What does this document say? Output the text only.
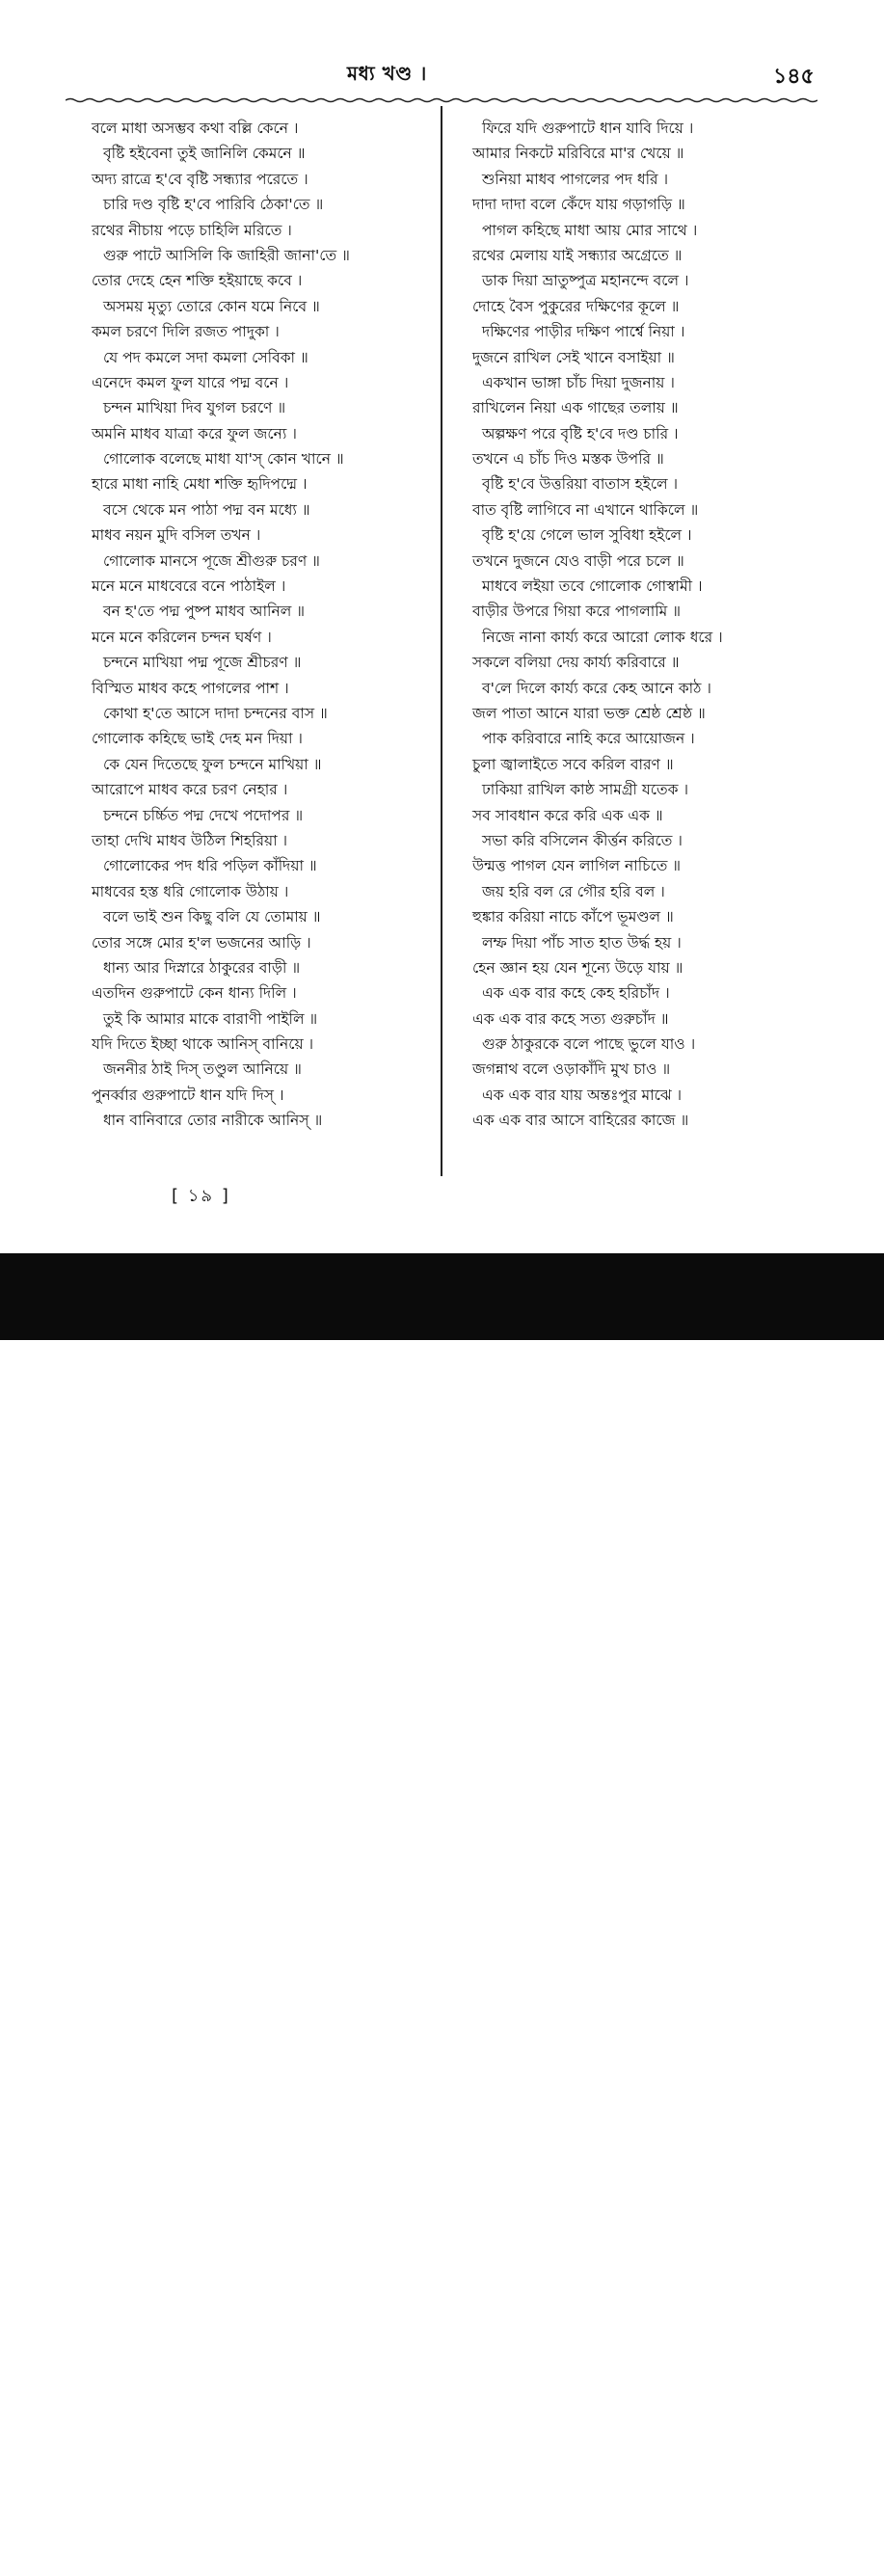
মধ্য খণ্ড ।	১৪৫
বলে মাধা অসম্ভব কথা বল্লি কেনে ।
বৃষ্টি হইবেনা তুই জানিলি কেমনে ॥
অদ্য রাত্রে হ'বে বৃষ্টি সন্ধ্যার পরেতে ।
চারি দণ্ড বৃষ্টি হ'বে পারিবি ঠেকা'তে ॥
রথের নীচায় পড়ে চাহিলি মরিতে ।
গুরু পাটে আসিলি কি জাহিরী জানা'তে ॥
তোর দেহে হেন শক্তি হইয়াছে কবে ।
অসময় মৃত্যু তোরে কোন যমে নিবে ॥
কমল চরণে দিলি রজত পাদুকা ।
যে পদ কমলে সদা কমলা সেবিকা ॥
এনেদে কমল ফুল যারে পদ্ম বনে ।
চন্দন মাখিয়া দিব যুগল চরণে ॥
অমনি মাধব যাত্রা করে ফুল জন্যে ।
গোলোক বলেছে মাধা যা'স্ কোন খানে ॥
হারে মাধা নাহি মেধা শক্তি হৃদিপদ্মে ।
বসে থেকে মন পাঠা পদ্ম বন মধ্যে ॥
মাধব নয়ন মুদি বসিল তখন ।
গোলোক মানসে পূজে শ্রীগুরু চরণ ॥
মনে মনে মাধবেরে বনে পাঠাইল ।
বন হ'তে পদ্ম পুষ্প মাধব আনিল ॥
মনে মনে করিলেন চন্দন ঘর্ষণ ।
চন্দনে মাখিয়া পদ্ম পূজে শ্রীচরণ ॥
বিস্মিত মাধব কহে পাগলের পাশ ।
কোথা হ'তে আসে দাদা চন্দনের বাস ॥
গোলোক কহিছে ভাই দেহ মন দিয়া ।
কে যেন দিতেছে ফুল চন্দনে মাখিয়া ॥
আরোপে মাধব করে চরণ নেহার ।
চন্দনে চর্চ্চিত পদ্ম দেখে পদোপর ॥
তাহা দেখি মাধব উঠিল শিহরিয়া ।
গোলোকের পদ ধরি পড়িল কাঁদিয়া ॥
মাধবের হস্ত ধরি গোলোক উঠায় ।
বলে ভাই শুন কিছু বলি যে তোমায় ॥
তোর সঙ্গে মোর হ'ল ভজনের আড়ি ।
ধান্য আর দিস্নারে ঠাকুরের বাড়ী ॥
এতদিন গুরুপাটে কেন ধান্য দিলি ।
তুই কি আমার মাকে বারাণী পাইলি ॥
যদি দিতে ইচ্ছা থাকে আনিস্ বানিয়ে ।
জননীর ঠাই দিস্ তণ্ডুল আনিয়ে ॥
পুনর্ব্বার গুরুপাটে ধান যদি দিস্ ।
ধান বানিবারে তোর নারীকে আনিস্ ॥
ফিরে যদি গুরুপাটে ধান যাবি দিয়ে ।
আমার নিকটে মরিবিরে মা'র খেয়ে ॥
শুনিয়া মাধব পাগলের পদ ধরি ।
দাদা দাদা বলে কেঁদে যায় গড়াগড়ি ॥
পাগল কহিছে মাধা আয় মোর সাথে ।
রথের মেলায় যাই সন্ধ্যার অগ্রেতে ॥
ডাক দিয়া ভ্রাতুষ্পুত্র মহানন্দে বলে ।
দোহে বৈস পুকুরের দক্ষিণের কূলে ॥
দক্ষিণের পাড়ীর দক্ষিণ পার্শ্বে নিয়া ।
দুজনে রাখিল সেই খানে বসাইয়া ॥
একখান ভাঙ্গা চাঁচ দিয়া দুজনায় ।
রাখিলেন নিয়া এক গাছের তলায় ॥
অল্পক্ষণ পরে বৃষ্টি হ'বে দণ্ড চারি ।
তখনে এ চাঁচ দিও মস্তক উপরি ॥
বৃষ্টি হ'বে উত্তরিয়া বাতাস হইলে ।
বাত বৃষ্টি লাগিবে না এখানে থাকিলে ॥
বৃষ্টি হ'য়ে গেলে ভাল সুবিধা হইলে ।
তখনে দুজনে যেও বাড়ী পরে চলে ॥
মাধবে লইয়া তবে গোলোক গোস্বামী ।
বাড়ীর উপরে গিয়া করে পাগলামি ॥
নিজে নানা কার্য্য করে আরো লোক ধরে ।
সকলে বলিয়া দেয় কার্য্য করিবারে ॥
ব'লে দিলে কার্য্য করে কেহ আনে কাঠ ।
জল পাতা আনে যারা ভক্ত শ্রেষ্ঠ শ্রেষ্ঠ ॥
পাক করিবারে নাহি করে আয়োজন ।
চুলা জ্বালাইতে সবে করিল বারণ ॥
ঢাকিয়া রাখিল কাষ্ঠ সামগ্রী যতেক ।
সব সাবধান করে করি এক এক ॥
সভা করি বসিলেন কীর্ত্তন করিতে ।
উন্মত্ত পাগল যেন লাগিল নাচিতে ॥
জয় হরি বল রে গৌর হরি বল ।
হুঙ্কার করিয়া নাচে কাঁপে ভূমণ্ডল ॥
লম্ফ দিয়া পাঁচ সাত হাত উর্দ্ধ হয় ।
হেন জ্ঞান হয় যেন শূন্যে উড়ে যায় ॥
এক এক বার কহে কেহ হরিচাঁদ ।
এক এক বার কহে সত্য গুরুচাঁদ ॥
গুরু ঠাকুরকে বলে পাছে ভুলে যাও ।
জগন্নাথ বলে ওড়াকাঁদি মুখ চাও ॥
এক এক বার যায় অন্তঃপুর মাঝে ।
এক এক বার আসে বাহিরের কাজে ॥
[ ১৯ ]
alamy	2BCJ5G7
www.alamy.com
